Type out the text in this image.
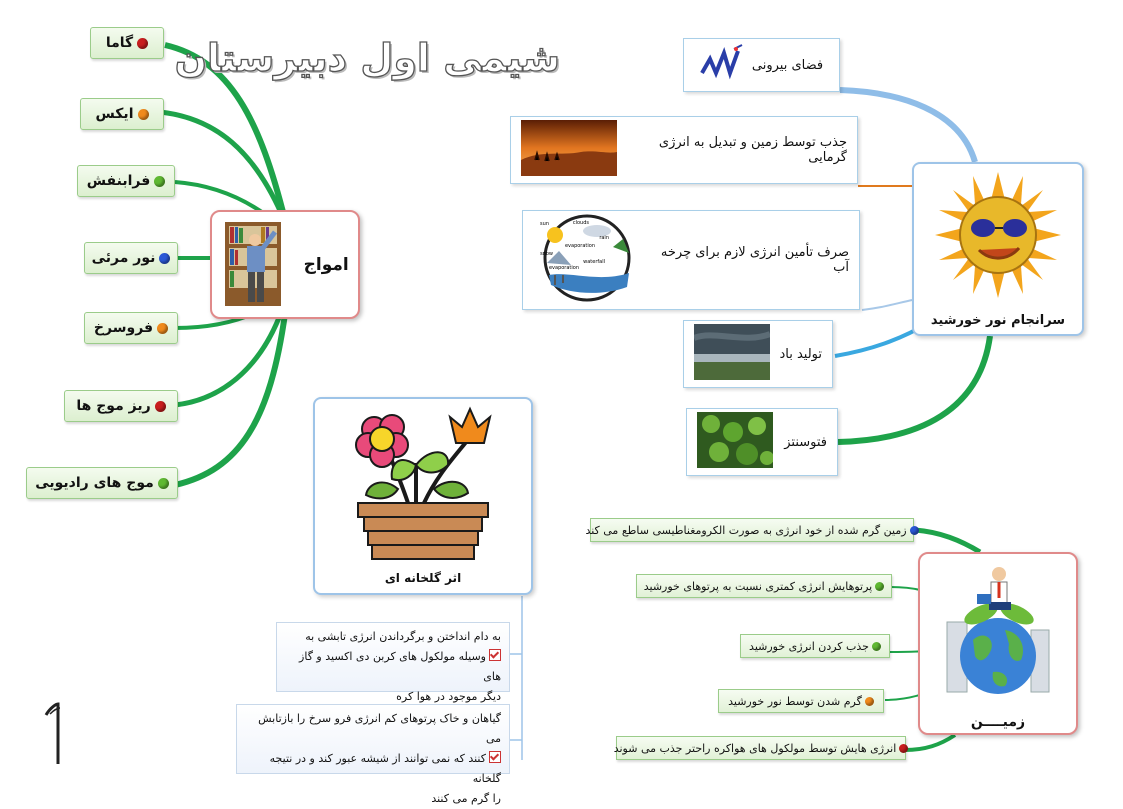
شیمی اول دبیرستان
1
گاما
ایکس
فرابنفش
نور مرئی
فروسرخ
ریز موج ها
موج های رادیویی
امواج
فضای بیرونی
جذب توسط زمین و تبدیل به انرژی گرمایی
صرف تأمین انرژی لازم برای چرخه آب
sun	clouds
evaporation
rain
evaporation
waterfall
snow
تولید باد
فتوسنتز
سرانجام نور خورشید
زمین گرم شده از خود انرژی به صورت الکرومغناطیسی ساطع می کند
پرتوهایش انرژی کمتری نسبت به پرتوهای خورشید
جذب کردن انرژی خورشید
گرم شدن توسط نور خورشید
انرژی هایش توسط مولکول های هواکره راحتر جذب می شوند
زمیــــن
اثر گلخانه ای
به دام انداختن و برگرداندن انرژی تابشی به
وسیله مولکول های کربن دی اکسید و گاز های
دیگر موجود در هوا کره
گیاهان و خاک پرتوهای کم انرژی فرو سرخ را بازتابش می
کنند که نمی توانند از شیشه عبور کند و در نتیجه گلخانه
را گرم می کنند
